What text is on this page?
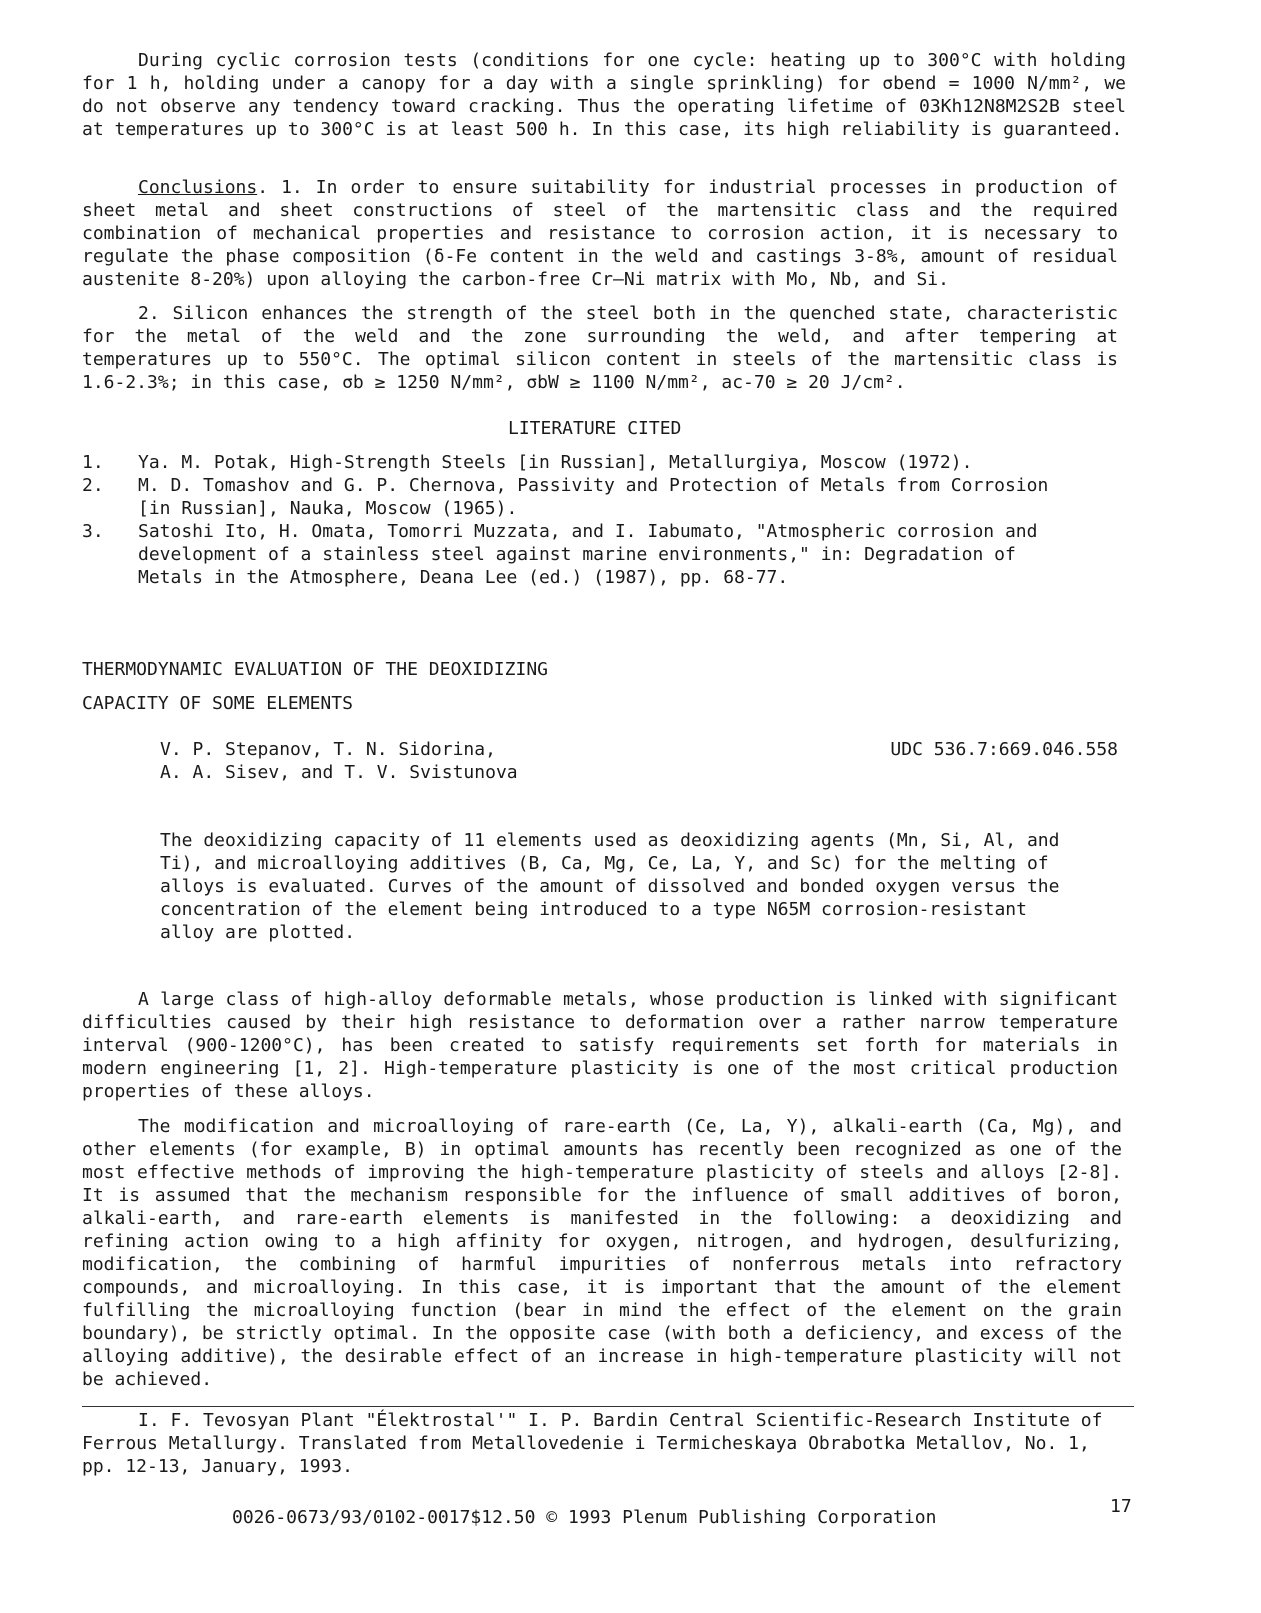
During cyclic corrosion tests (conditions for one cycle: heating up to 300°C with holding for 1 h, holding under a canopy for a day with a single sprinkling) for σbend = 1000 N/mm², we do not observe any tendency toward cracking. Thus the operating lifetime of 03Kh12N8M2S2B steel at temperatures up to 300°C is at least 500 h. In this case, its high reliability is guaranteed.

Conclusions. 1. In order to ensure suitability for industrial processes in production of sheet metal and sheet constructions of steel of the martensitic class and the required combination of mechanical properties and resistance to corrosion action, it is necessary to regulate the phase composition (δ-Fe content in the weld and castings 3-8%, amount of residual austenite 8-20%) upon alloying the carbon-free Cr—Ni matrix with Mo, Nb, and Si.

2. Silicon enhances the strength of the steel both in the quenched state, characteristic for the metal of the weld and the zone surrounding the weld, and after tempering at temperatures up to 550°C. The optimal silicon content in steels of the martensitic class is 1.6-2.3%; in this case, σb ≥ 1250 N/mm², σbW ≥ 1100 N/mm², ac-70 ≥ 20 J/cm².

LITERATURE CITED
1. Ya. M. Potak, High-Strength Steels [in Russian], Metallurgiya, Moscow (1972).
2. M. D. Tomashov and G. P. Chernova, Passivity and Protection of Metals from Corrosion [in Russian], Nauka, Moscow (1965).
3. Satoshi Ito, H. Omata, Tomorri Muzzata, and I. Iabumato, "Atmospheric corrosion and development of a stainless steel against marine environments," in: Degradation of Metals in the Atmosphere, Deana Lee (ed.) (1987), pp. 68-77.
THERMODYNAMIC EVALUATION OF THE DEOXIDIZING
CAPACITY OF SOME ELEMENTS
V. P. Stepanov, T. N. Sidorina,
A. A. Sisev, and T. V. Svistunova
UDC 536.7:669.046.558

The deoxidizing capacity of 11 elements used as deoxidizing agents (Mn, Si, Al, and Ti), and microalloying additives (B, Ca, Mg, Ce, La, Y, and Sc) for the melting of alloys is evaluated. Curves of the amount of dissolved and bonded oxygen versus the concentration of the element being introduced to a type N65M corrosion-resistant alloy are plotted.

A large class of high-alloy deformable metals, whose production is linked with significant difficulties caused by their high resistance to deformation over a rather narrow temperature interval (900-1200°C), has been created to satisfy requirements set forth for materials in modern engineering [1, 2]. High-temperature plasticity is one of the most critical production properties of these alloys.

The modification and microalloying of rare-earth (Ce, La, Y), alkali-earth (Ca, Mg), and other elements (for example, B) in optimal amounts has recently been recognized as one of the most effective methods of improving the high-temperature plasticity of steels and alloys [2-8]. It is assumed that the mechanism responsible for the influence of small additives of boron, alkali-earth, and rare-earth elements is manifested in the following: a deoxidizing and refining action owing to a high affinity for oxygen, nitrogen, and hydrogen, desulfurizing, modification, the combining of harmful impurities of nonferrous metals into refractory compounds, and microalloying. In this case, it is important that the amount of the element fulfilling the microalloying function (bear in mind the effect of the element on the grain boundary), be strictly optimal. In the opposite case (with both a deficiency, and excess of the alloying additive), the desirable effect of an increase in high-temperature plasticity will not be achieved.

I. F. Tevosyan Plant "Élektrostal'" I. P. Bardin Central Scientific-Research Institute of Ferrous Metallurgy. Translated from Metallovedenie i Termicheskaya Obrabotka Metallov, No. 1, pp. 12-13, January, 1993.

0026-0673/93/0102-0017$12.50 © 1993 Plenum Publishing Corporation
17
